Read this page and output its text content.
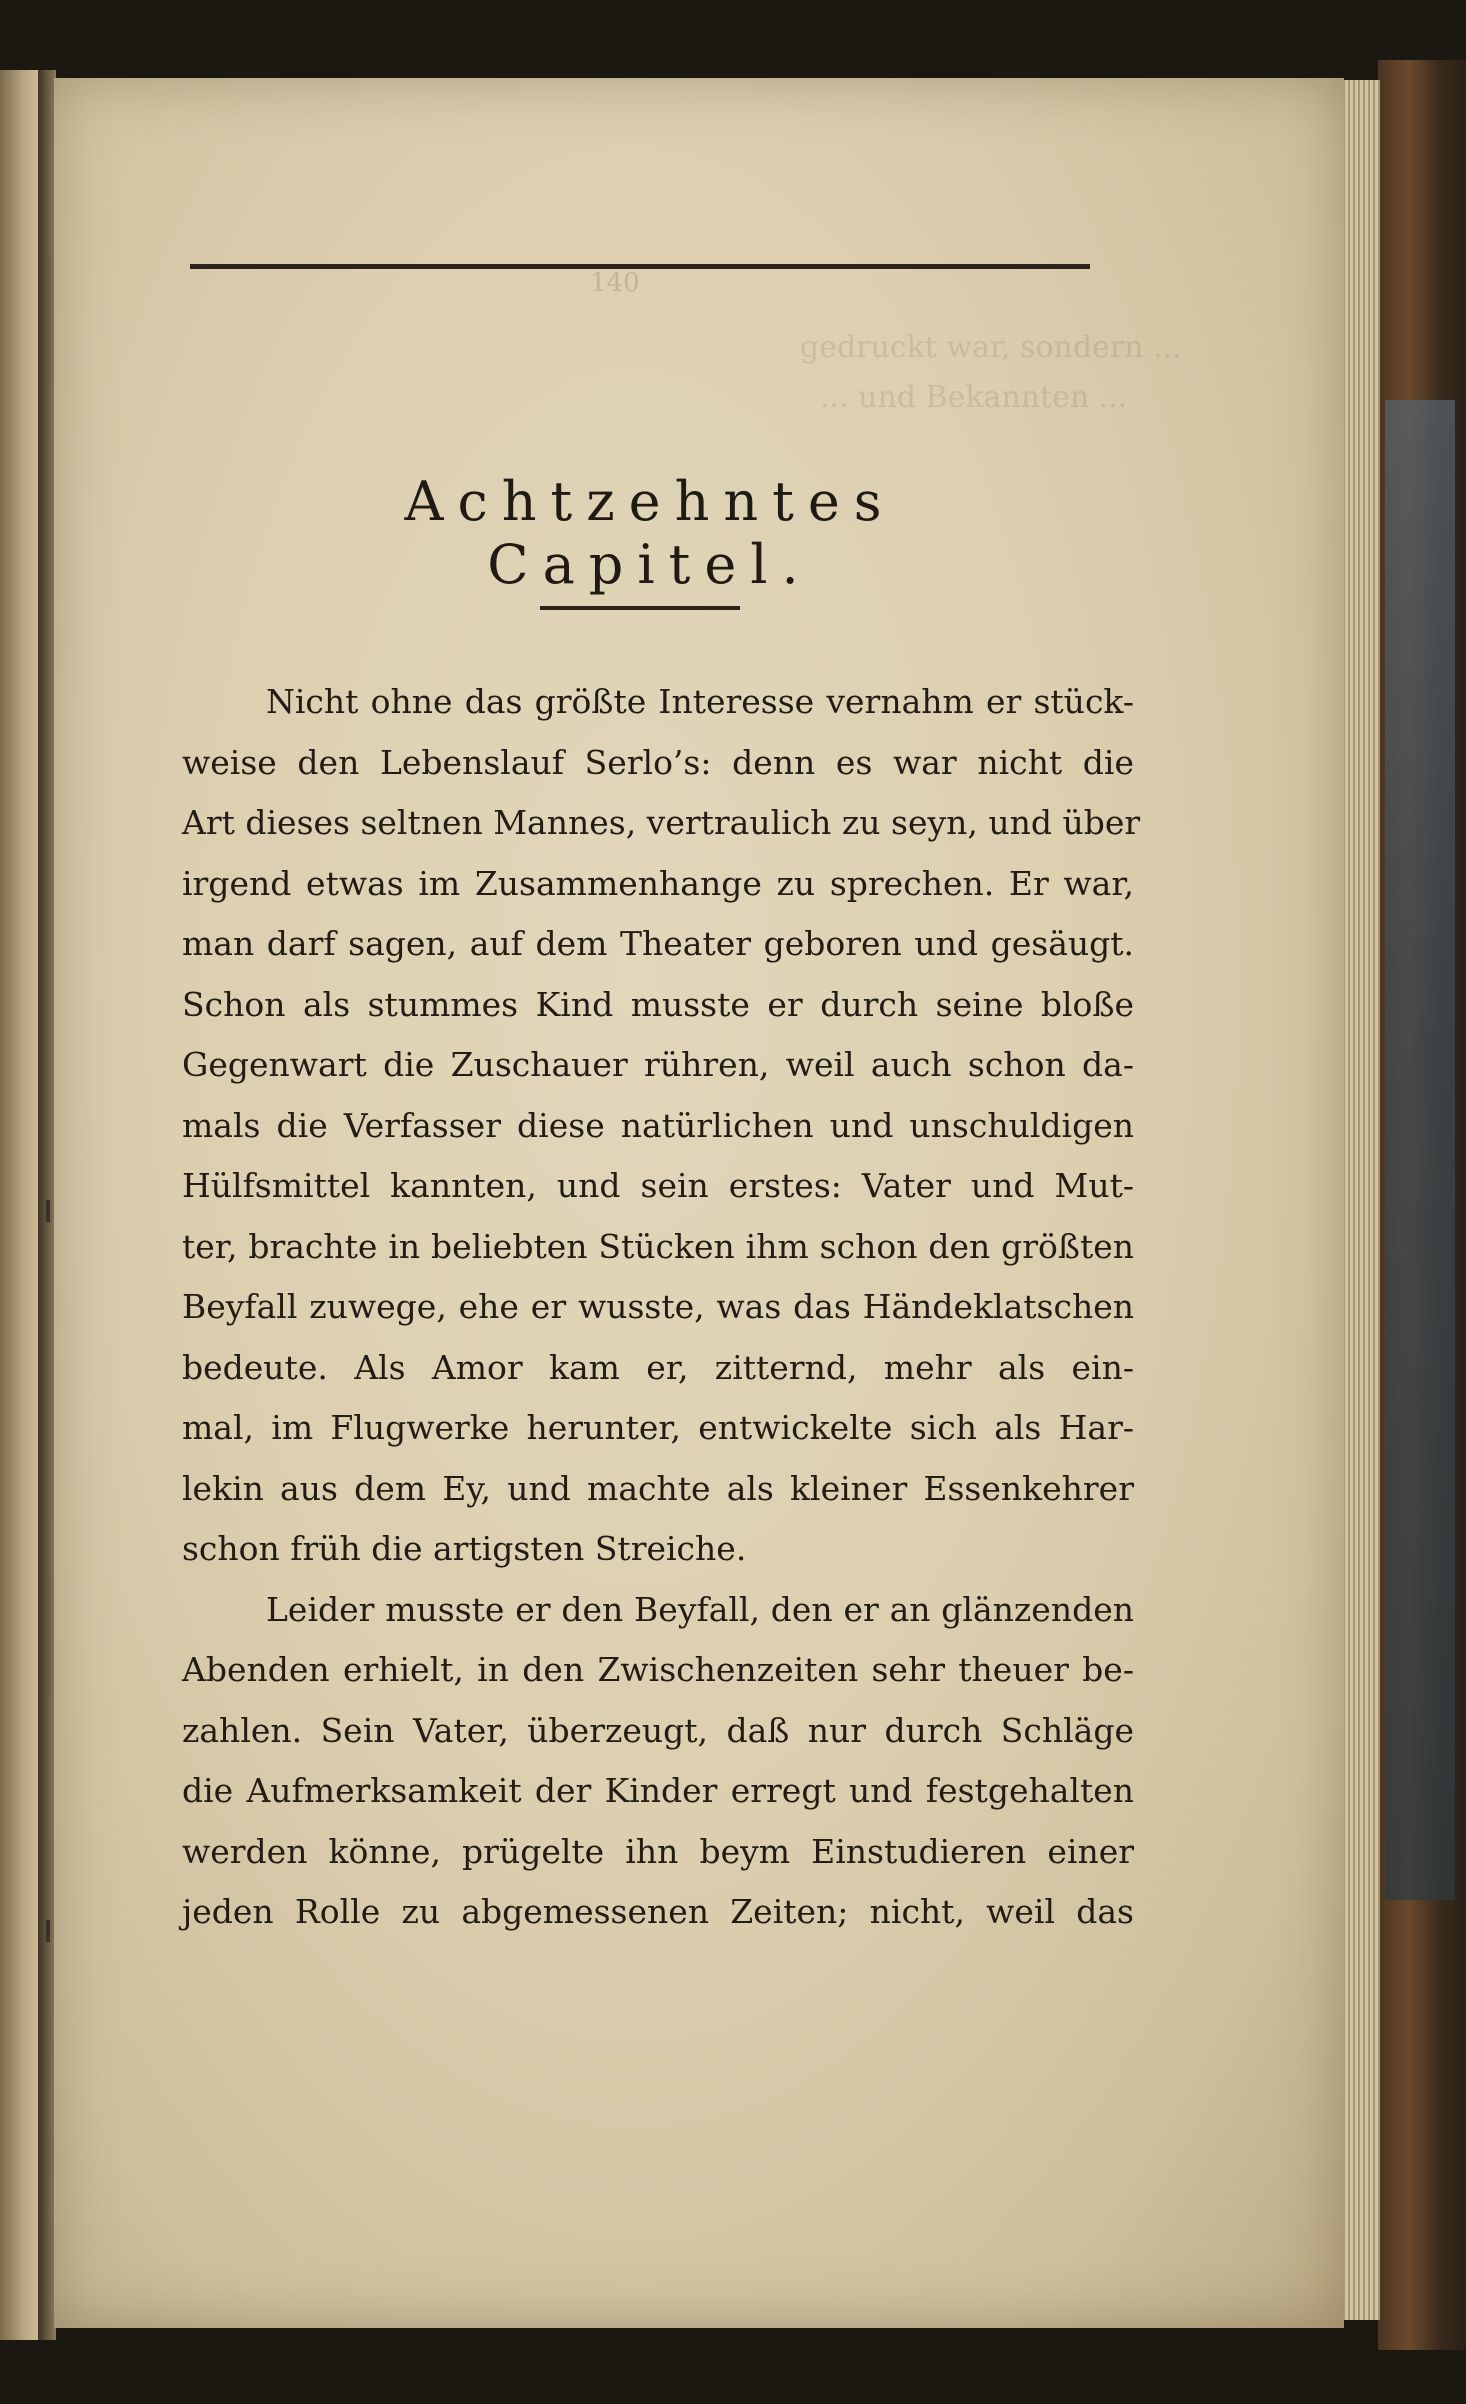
gedruckt war, sondern ...
... und Bekannten ...
140
Achtzehntes Capitel.
Nicht ohne das größte Interesse vernahm er stück-
weise den Lebenslauf Serlo’s: denn es war nicht die
Art dieses seltnen Mannes, vertraulich zu seyn, und über
irgend etwas im Zusammenhange zu sprechen. Er war,
man darf sagen, auf dem Theater geboren und gesäugt.
Schon als stummes Kind musste er durch seine bloße
Gegenwart die Zuschauer rühren, weil auch schon da-
mals die Verfasser diese natürlichen und unschuldigen
Hülfsmittel kannten, und sein erstes: Vater und Mut-
ter, brachte in beliebten Stücken ihm schon den größten
Beyfall zuwege, ehe er wusste, was das Händeklatschen
bedeute. Als Amor kam er, zitternd, mehr als ein-
mal, im Flugwerke herunter, entwickelte sich als Har-
lekin aus dem Ey, und machte als kleiner Essenkehrer
schon früh die artigsten Streiche.
Leider musste er den Beyfall, den er an glänzenden
Abenden erhielt, in den Zwischenzeiten sehr theuer be-
zahlen. Sein Vater, überzeugt, daß nur durch Schläge
die Aufmerksamkeit der Kinder erregt und festgehalten
werden könne, prügelte ihn beym Einstudieren einer
jeden Rolle zu abgemessenen Zeiten; nicht, weil das
